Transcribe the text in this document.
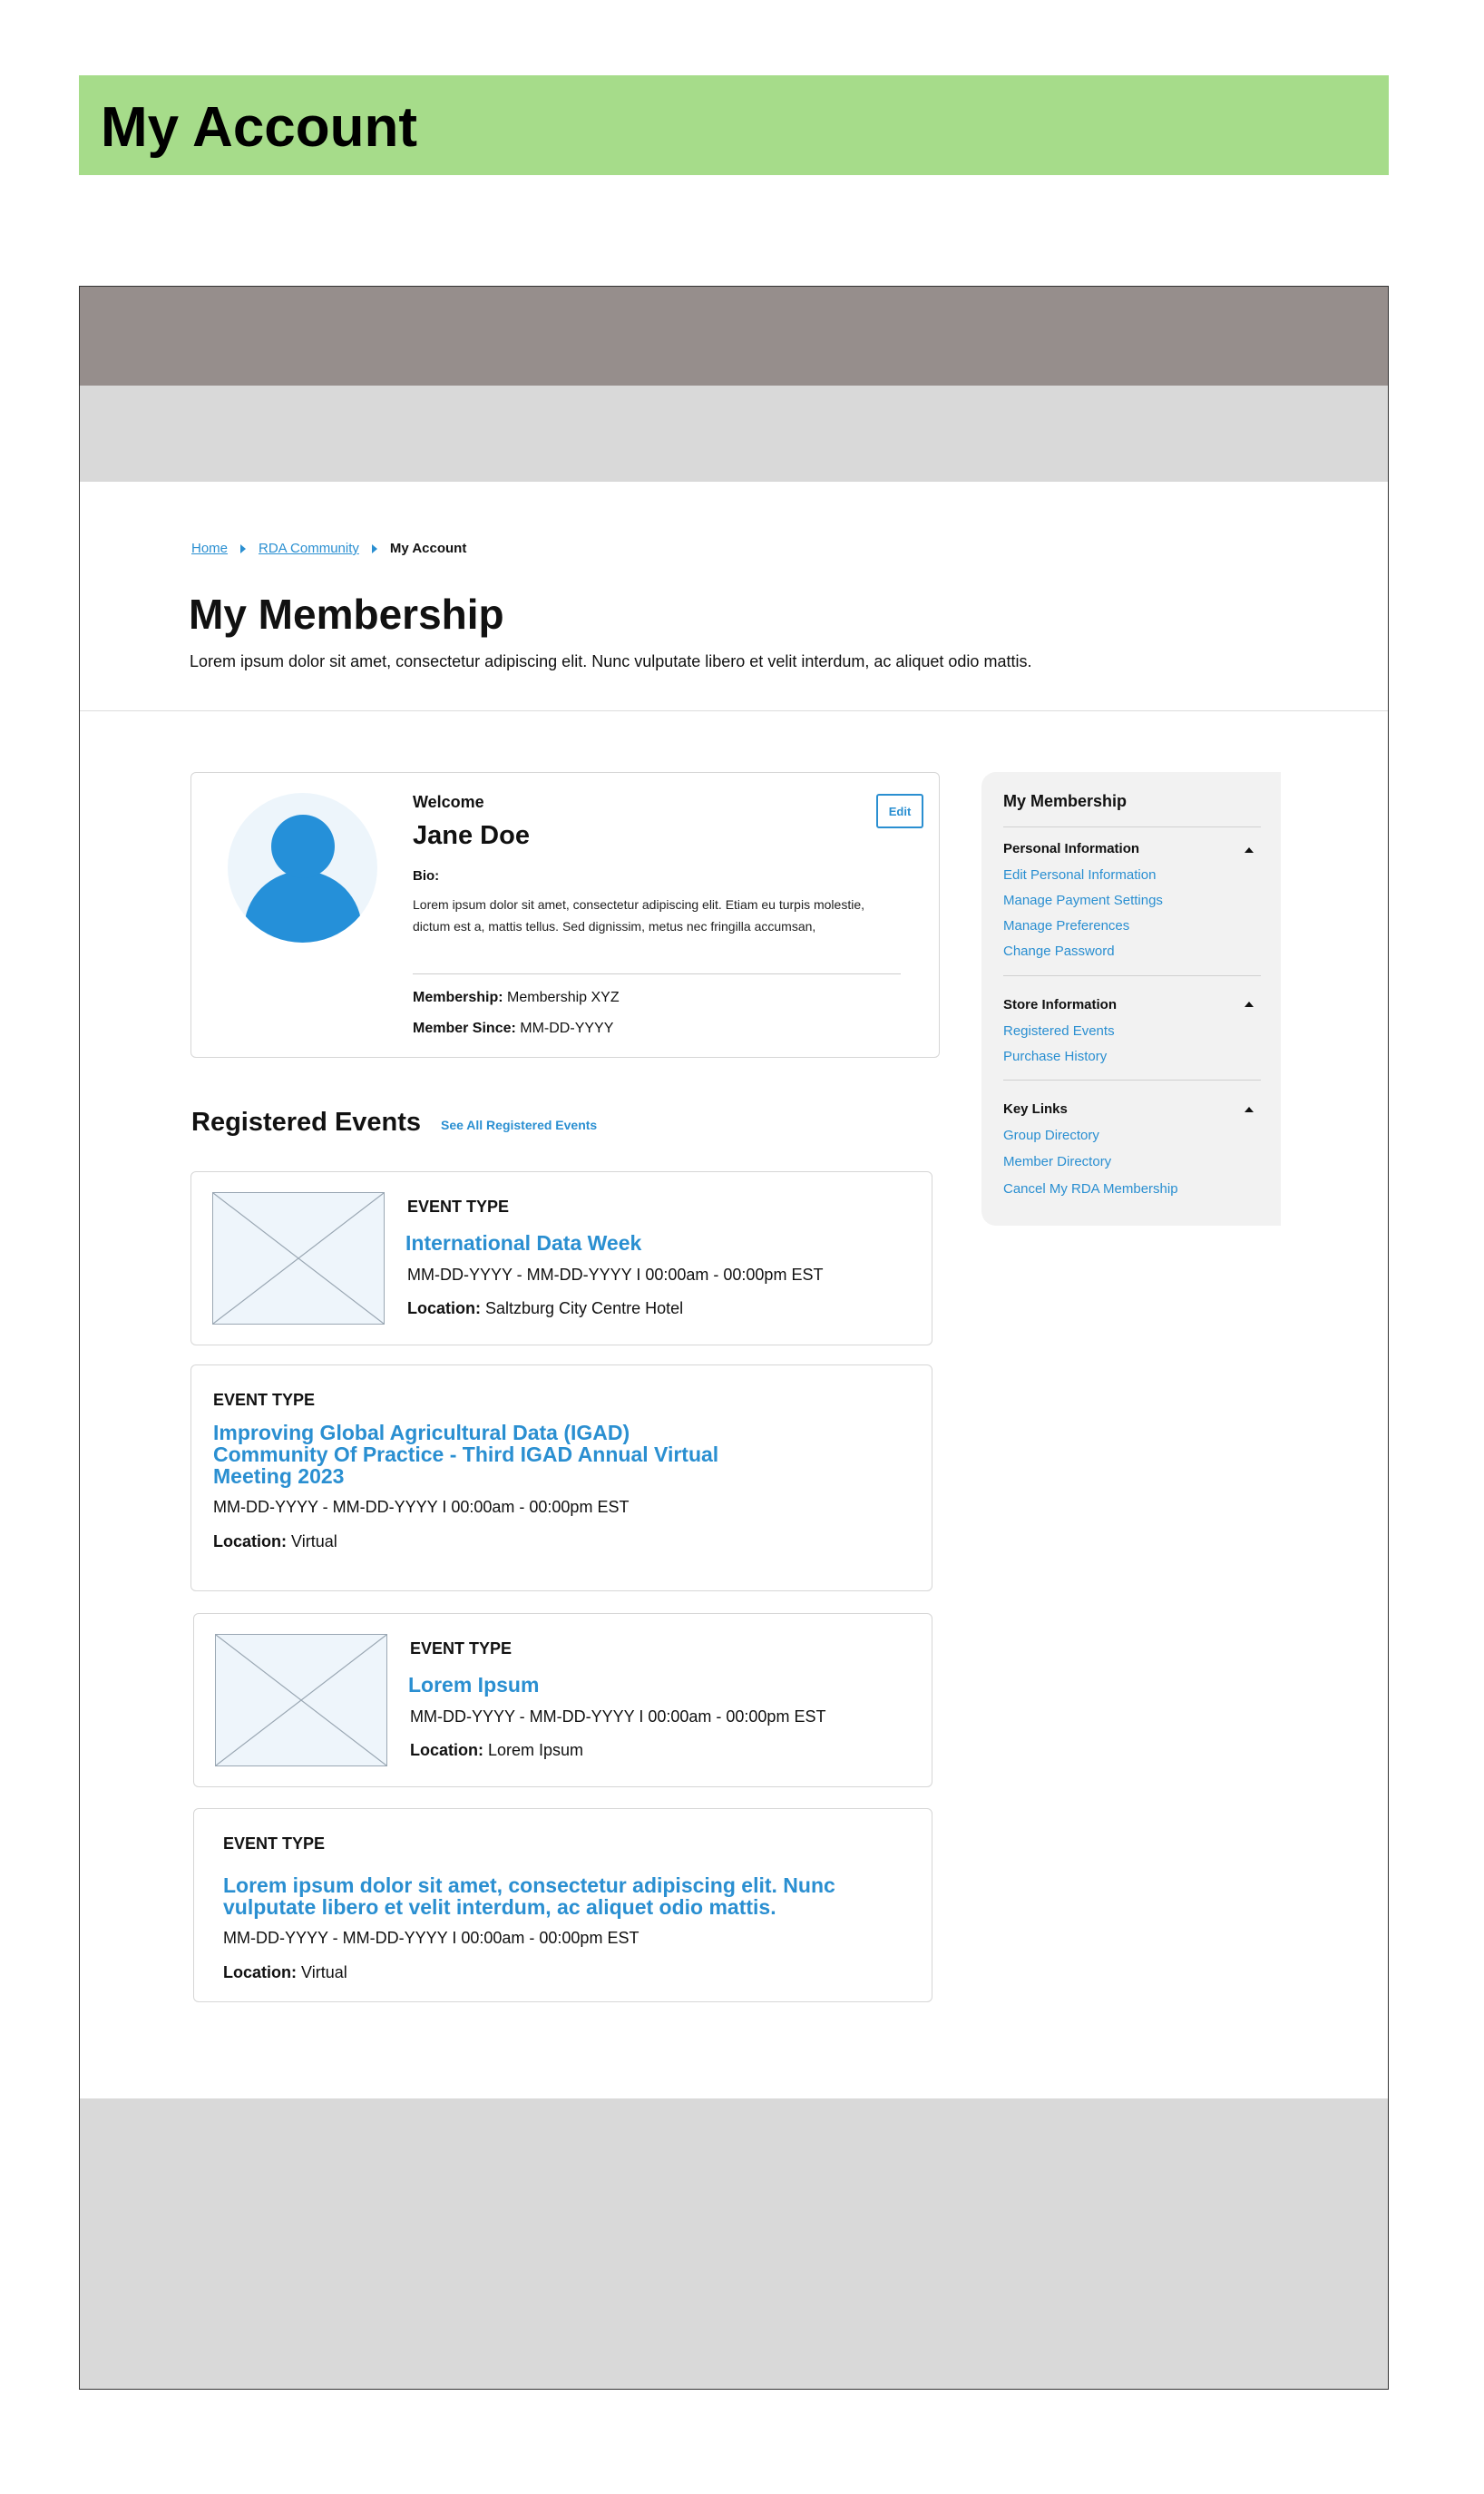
My Account
Home RDA Community My Account
My Membership

Lorem ipsum dolor sit amet, consectetur adipiscing elit. Nunc vulputate libero et velit interdum, ac aliquet odio mattis.

Welcome
Jane Doe
Bio:
Lorem ipsum dolor sit amet, consectetur adipiscing elit. Etiam eu turpis molestie, dictum est a, mattis tellus. Sed dignissim, metus nec fringilla accumsan,
Membership: Membership XYZ
Member Since: MM-DD-YYYY
Edit
Registered Events See All Registered Events
EVENT TYPE
International Data Week
MM-DD-YYYY - MM-DD-YYYY I 00:00am - 00:00pm EST
Location: Saltzburg City Centre Hotel
EVENT TYPE
Improving Global Agricultural Data (IGAD)
Community Of Practice - Third IGAD Annual Virtual
Meeting 2023
MM-DD-YYYY - MM-DD-YYYY I 00:00am - 00:00pm EST
Location: Virtual
EVENT TYPE
Lorem Ipsum
MM-DD-YYYY - MM-DD-YYYY I 00:00am - 00:00pm EST
Location: Lorem Ipsum
EVENT TYPE
Lorem ipsum dolor sit amet, consectetur adipiscing elit. Nunc
vulputate libero et velit interdum, ac aliquet odio mattis.
MM-DD-YYYY - MM-DD-YYYY I 00:00am - 00:00pm EST
Location: Virtual
My Membership
Personal Information
Edit Personal Information
Manage Payment Settings
Manage Preferences
Change Password
Store Information
Registered Events
Purchase History
Key Links
Group Directory
Member Directory
Cancel My RDA Membership
